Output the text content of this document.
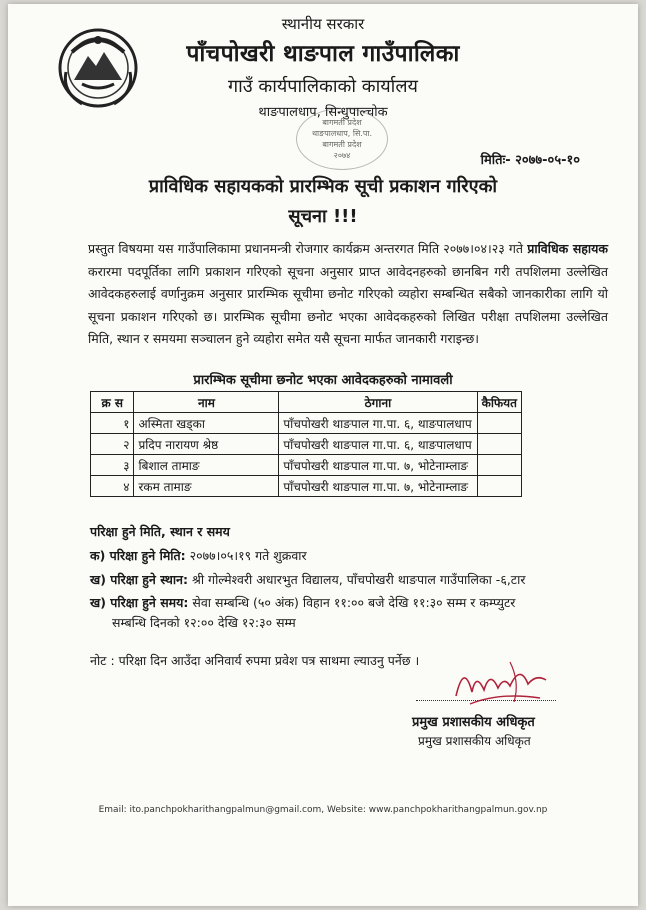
स्थानीय सरकार
पाँचपोखरी थाङपाल गाउँपालिका
गाउँ कार्यपालिकाको कार्यालय
थाङपालधाप, सिन्धुपाल्चोक
बागमती प्रदेश
थाङपालधाप, सि.पा.
बागमती प्रदेश
२०७४	मितिः- २०७७-०५-१०
प्राविधिक सहायकको प्रारम्भिक सूची प्रकाशन गरिएको
सूचना !!!
प्रस्तुत विषयमा यस गाउँपालिकामा प्रधानमन्त्री रोजगार कार्यक्रम अन्तरगत मिति २०७७।०४।२३ गते प्राविधिक सहायक करारमा पदपूर्तिका लागि प्रकाशन गरिएको सूचना अनुसार प्राप्त आवेदनहरुको छानबिन गरी तपशिलमा उल्लेखित आवेदकहरुलाई वर्णानुक्रम अनुसार प्रारम्भिक सूचीमा छनोट गरिएको व्यहोरा सम्बन्धित सबैको जानकारीका लागि यो सूचना प्रकाशन गरिएको छ। प्रारम्भिक सूचीमा छनोट भएका आवेदकहरुको लिखित परीक्षा तपशिलमा उल्लेखित मिति, स्थान र समयमा सञ्चालन हुने व्यहोरा समेत यसै सूचना मार्फत जानकारी गराइन्छ।
प्रारम्भिक सूचीमा छनोट भएका आवेदकहरुको नामावली
क्र स	नाम	ठेगाना	कैफियत
१	अस्मिता खड्का	पाँचपोखरी थाङपाल गा.पा. ६, थाङपालधाप	
२	प्रदिप नारायण श्रेष्ठ	पाँचपोखरी थाङपाल गा.पा. ६, थाङपालधाप	
३	बिशाल तामाङ	पाँचपोखरी थाङपाल गा.पा. ७, भोटेनाम्लाङ	
४	रकम तामाङ	पाँचपोखरी थाङपाल गा.पा. ७, भोटेनाम्लाङ	
परिक्षा हुने मिति, स्थान र समय
क) परिक्षा हुने मिति: २०७७।०५।१९ गते शुक्रवार
ख) परिक्षा हुने स्थान: श्री गोल्मेश्वरी अधारभुत विद्यालय, पाँचपोखरी थाङपाल गाउँपालिका -६,टार
ख) परिक्षा हुने समय: सेवा सम्बन्धि (५० अंक) विहान ११:०० बजे देखि ११:३० सम्म र कम्प्युटर
सम्बन्धि दिनको १२:०० देखि १२:३० सम्म
नोट : परिक्षा दिन आउँदा अनिवार्य रुपमा प्रवेश पत्र साथमा ल्याउनु पर्नेछ ।
प्रमुख प्रशासकीय अधिकृत
प्रमुख प्रशासकीय अधिकृत
Email: ito.panchpokharithangpalmun@gmail.com, Website: www.panchpokharithangpalmun.gov.np
